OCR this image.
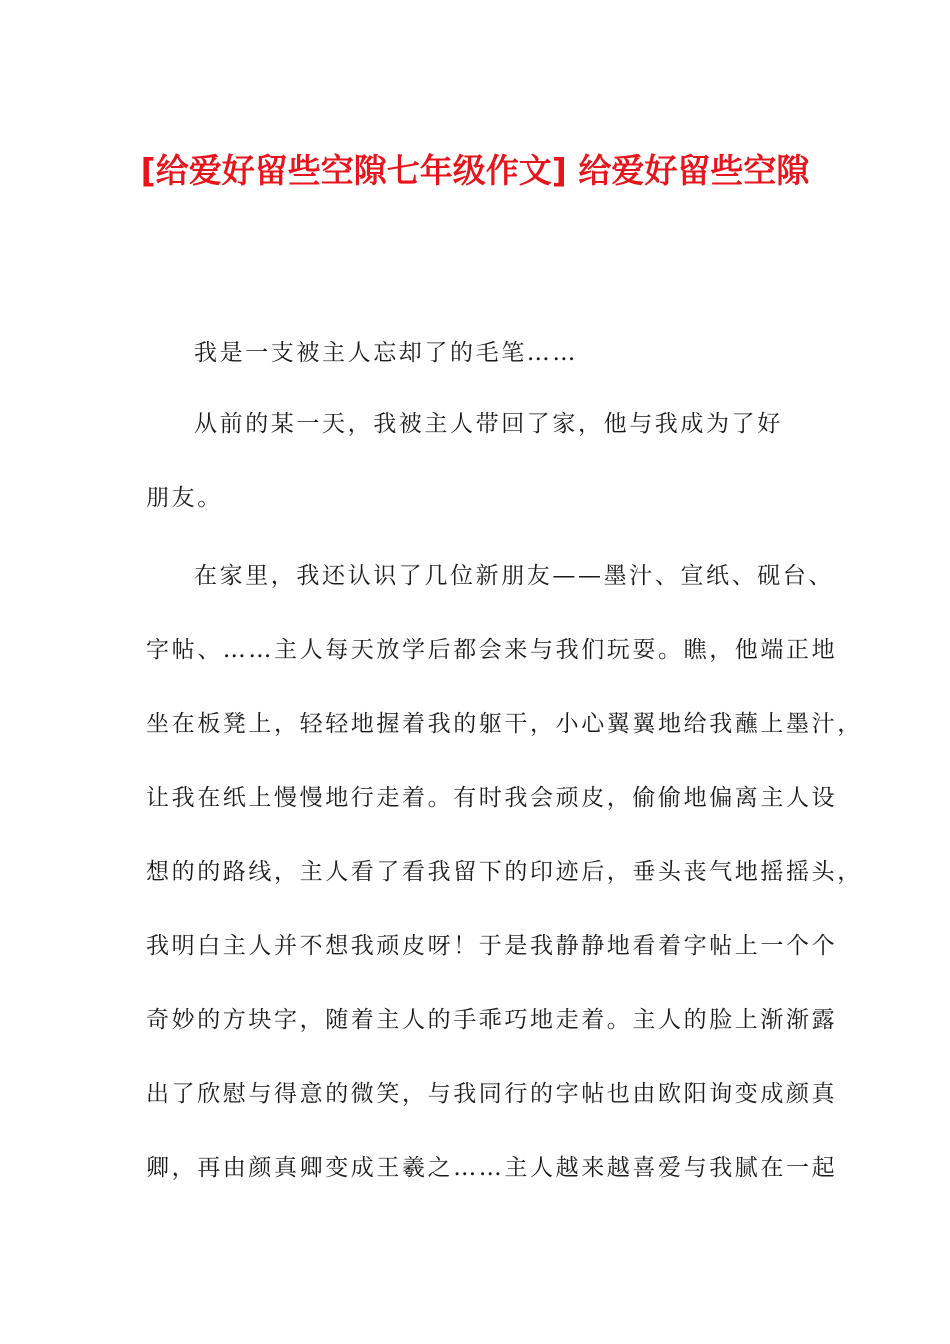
[给爱好留些空隙七年级作文] 给爱好留些空隙

我是一支被主人忘却了的毛笔……

从前的某一天，我被主人带回了家，他与我成为了好朋友。

在家里，我还认识了几位新朋友——墨汁、宣纸、砚台、
字帖、……主人每天放学后都会来与我们玩耍。瞧，他端正地
坐在板凳上，轻轻地握着我的躯干，小心翼翼地给我蘸上墨汁，
让我在纸上慢慢地行走着。有时我会顽皮，偷偷地偏离主人设
想的的路线，主人看了看我留下的印迹后，垂头丧气地摇摇头，
我明白主人并不想我顽皮呀！于是我静静地看着字帖上一个个
奇妙的方块字，随着主人的手乖巧地走着。主人的脸上渐渐露
出了欣慰与得意的微笑，与我同行的字帖也由欧阳询变成颜真
卿，再由颜真卿变成王羲之……主人越来越喜爱与我腻在一起
